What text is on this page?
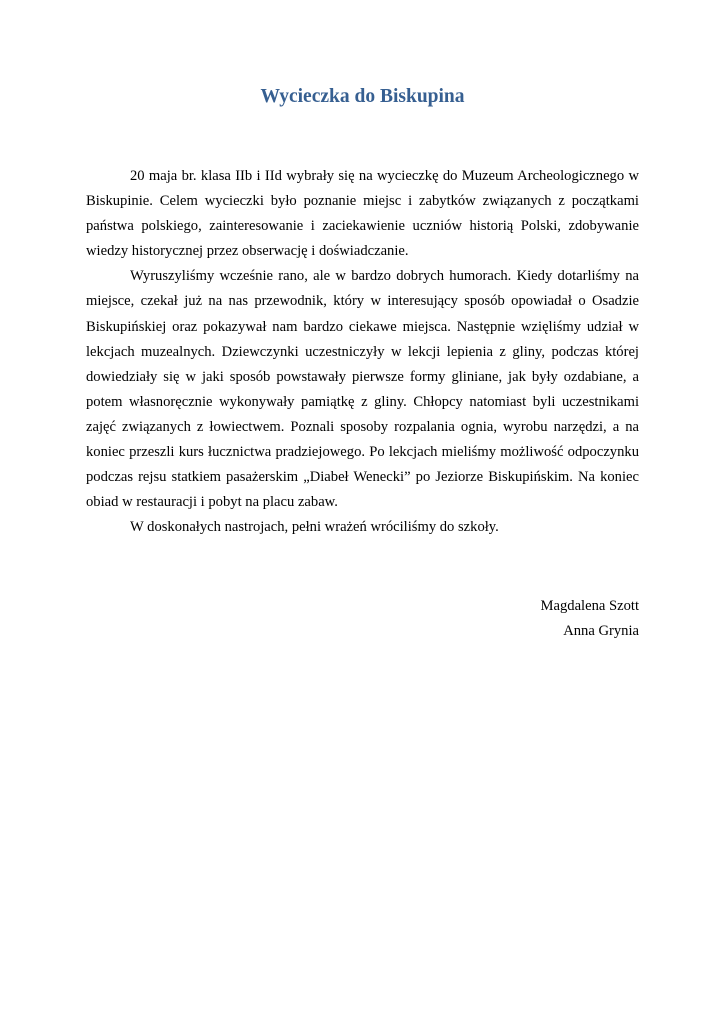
Wycieczka do Biskupina

20 maja br. klasa IIb i IId wybrały się na wycieczkę do Muzeum Archeologicznego w Biskupinie. Celem wycieczki było poznanie miejsc i zabytków związanych z początkami państwa polskiego, zainteresowanie i zaciekawienie uczniów historią Polski, zdobywanie wiedzy historycznej przez obserwację i doświadczanie.

Wyruszyliśmy wcześnie rano, ale w bardzo dobrych humorach. Kiedy dotarliśmy na miejsce, czekał już na nas przewodnik, który w interesujący sposób opowiadał o Osadzie Biskupińskiej oraz pokazywał nam bardzo ciekawe miejsca. Następnie wzięliśmy udział w lekcjach muzealnych. Dziewczynki uczestniczyły w lekcji lepienia z gliny, podczas której dowiedziały się w jaki sposób powstawały pierwsze formy gliniane, jak były ozdabiane, a potem własnoręcznie wykonywały pamiątkę z gliny. Chłopcy natomiast byli uczestnikami zajęć związanych z łowiectwem. Poznali sposoby rozpalania ognia, wyrobu narzędzi, a na koniec przeszli kurs łucznictwa pradziejowego. Po lekcjach mieliśmy możliwość odpoczynku podczas rejsu statkiem pasażerskim „Diabeł Wenecki” po Jeziorze Biskupińskim. Na koniec obiad w restauracji i pobyt na placu zabaw.

W doskonałych nastrojach, pełni wrażeń wróciliśmy do szkoły.

Magdalena Szott
Anna Grynia
